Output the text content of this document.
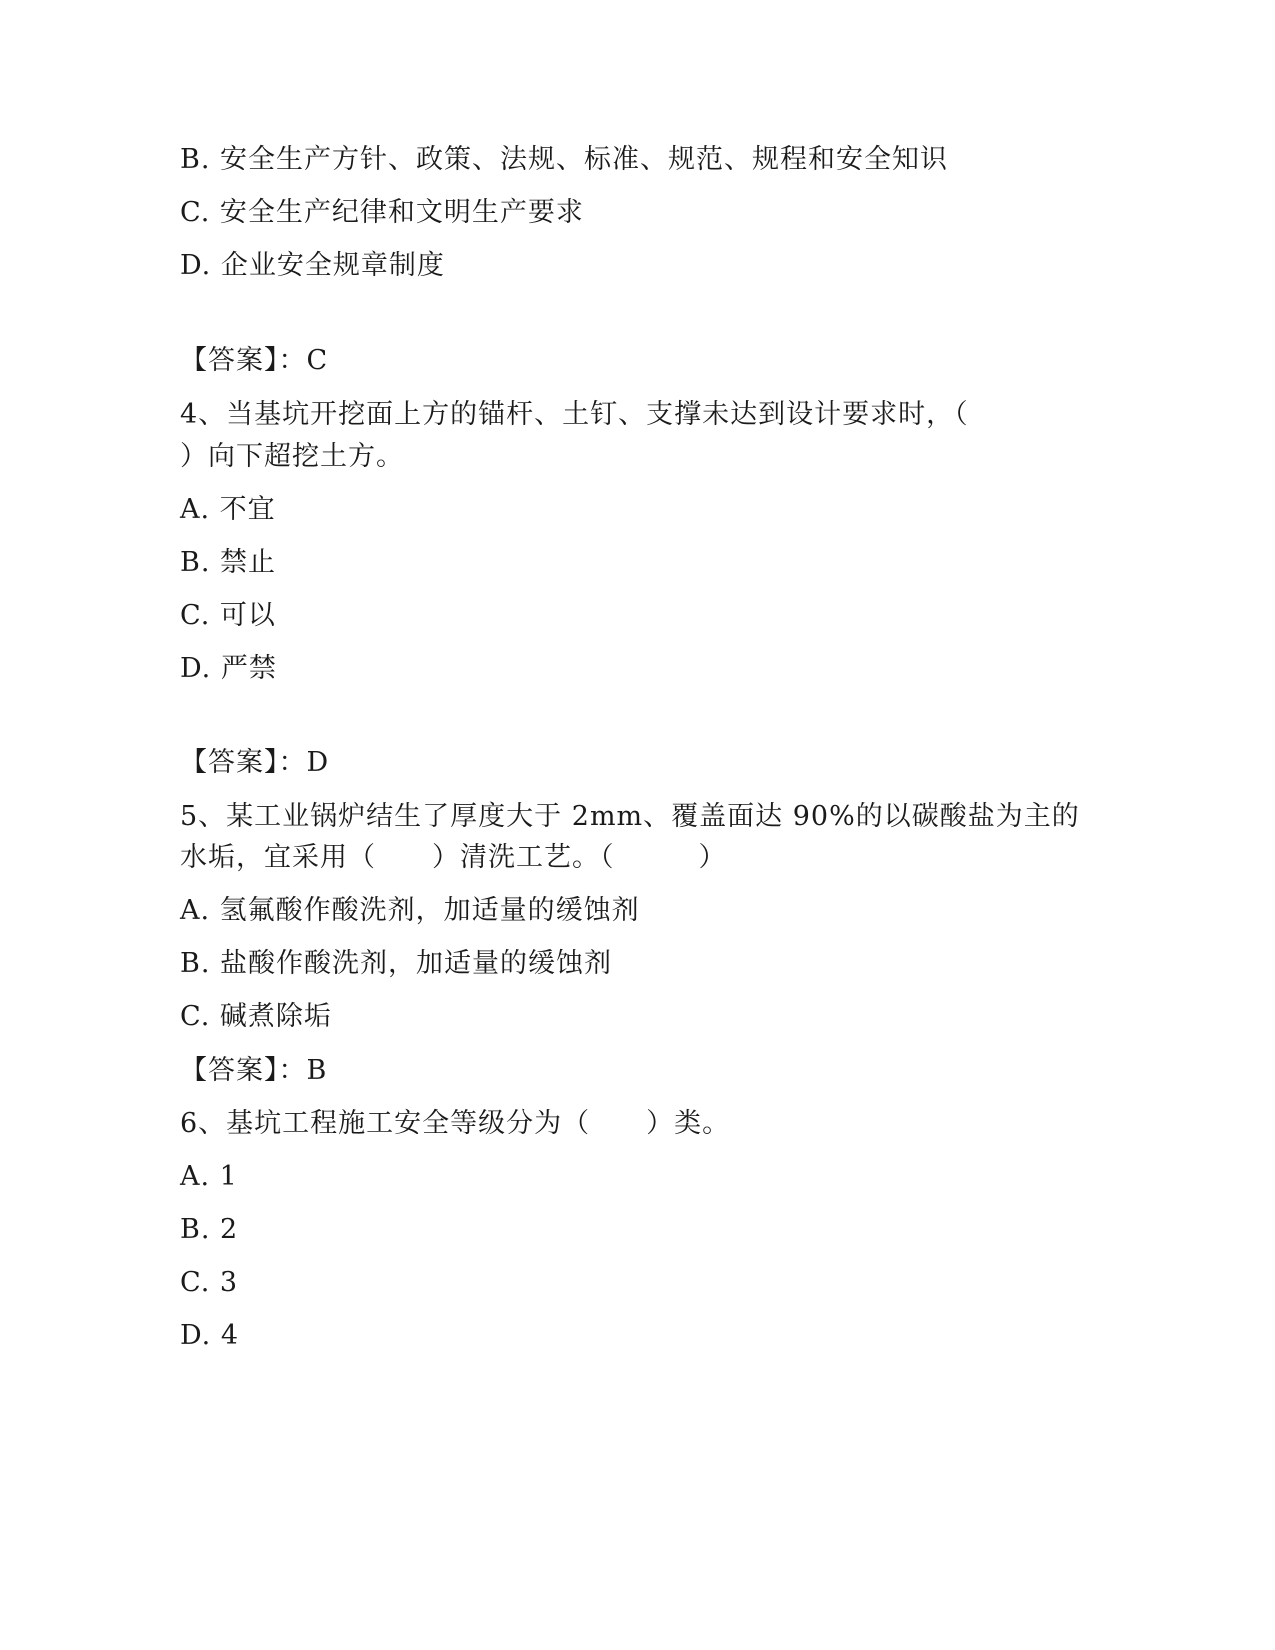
B. 安全生产方针、政策、法规、标准、规范、规程和安全知识
C. 安全生产纪律和文明生产要求
D. 企业安全规章制度
【答案】：C
4、当基坑开挖面上方的锚杆、土钉、支撑未达到设计要求时，（
）向下超挖土方。
A. 不宜
B. 禁止
C. 可以
D. 严禁
【答案】：D
5、某工业锅炉结生了厚度大于 2mm、覆盖面达 90%的以碳酸盐为主的
水垢，宜采用（　　）清洗工艺。（　　　）
A. 氢氟酸作酸洗剂，加适量的缓蚀剂
B. 盐酸作酸洗剂，加适量的缓蚀剂
C. 碱煮除垢
【答案】：B
6、基坑工程施工安全等级分为（　　）类。
A. 1
B. 2
C. 3
D. 4
